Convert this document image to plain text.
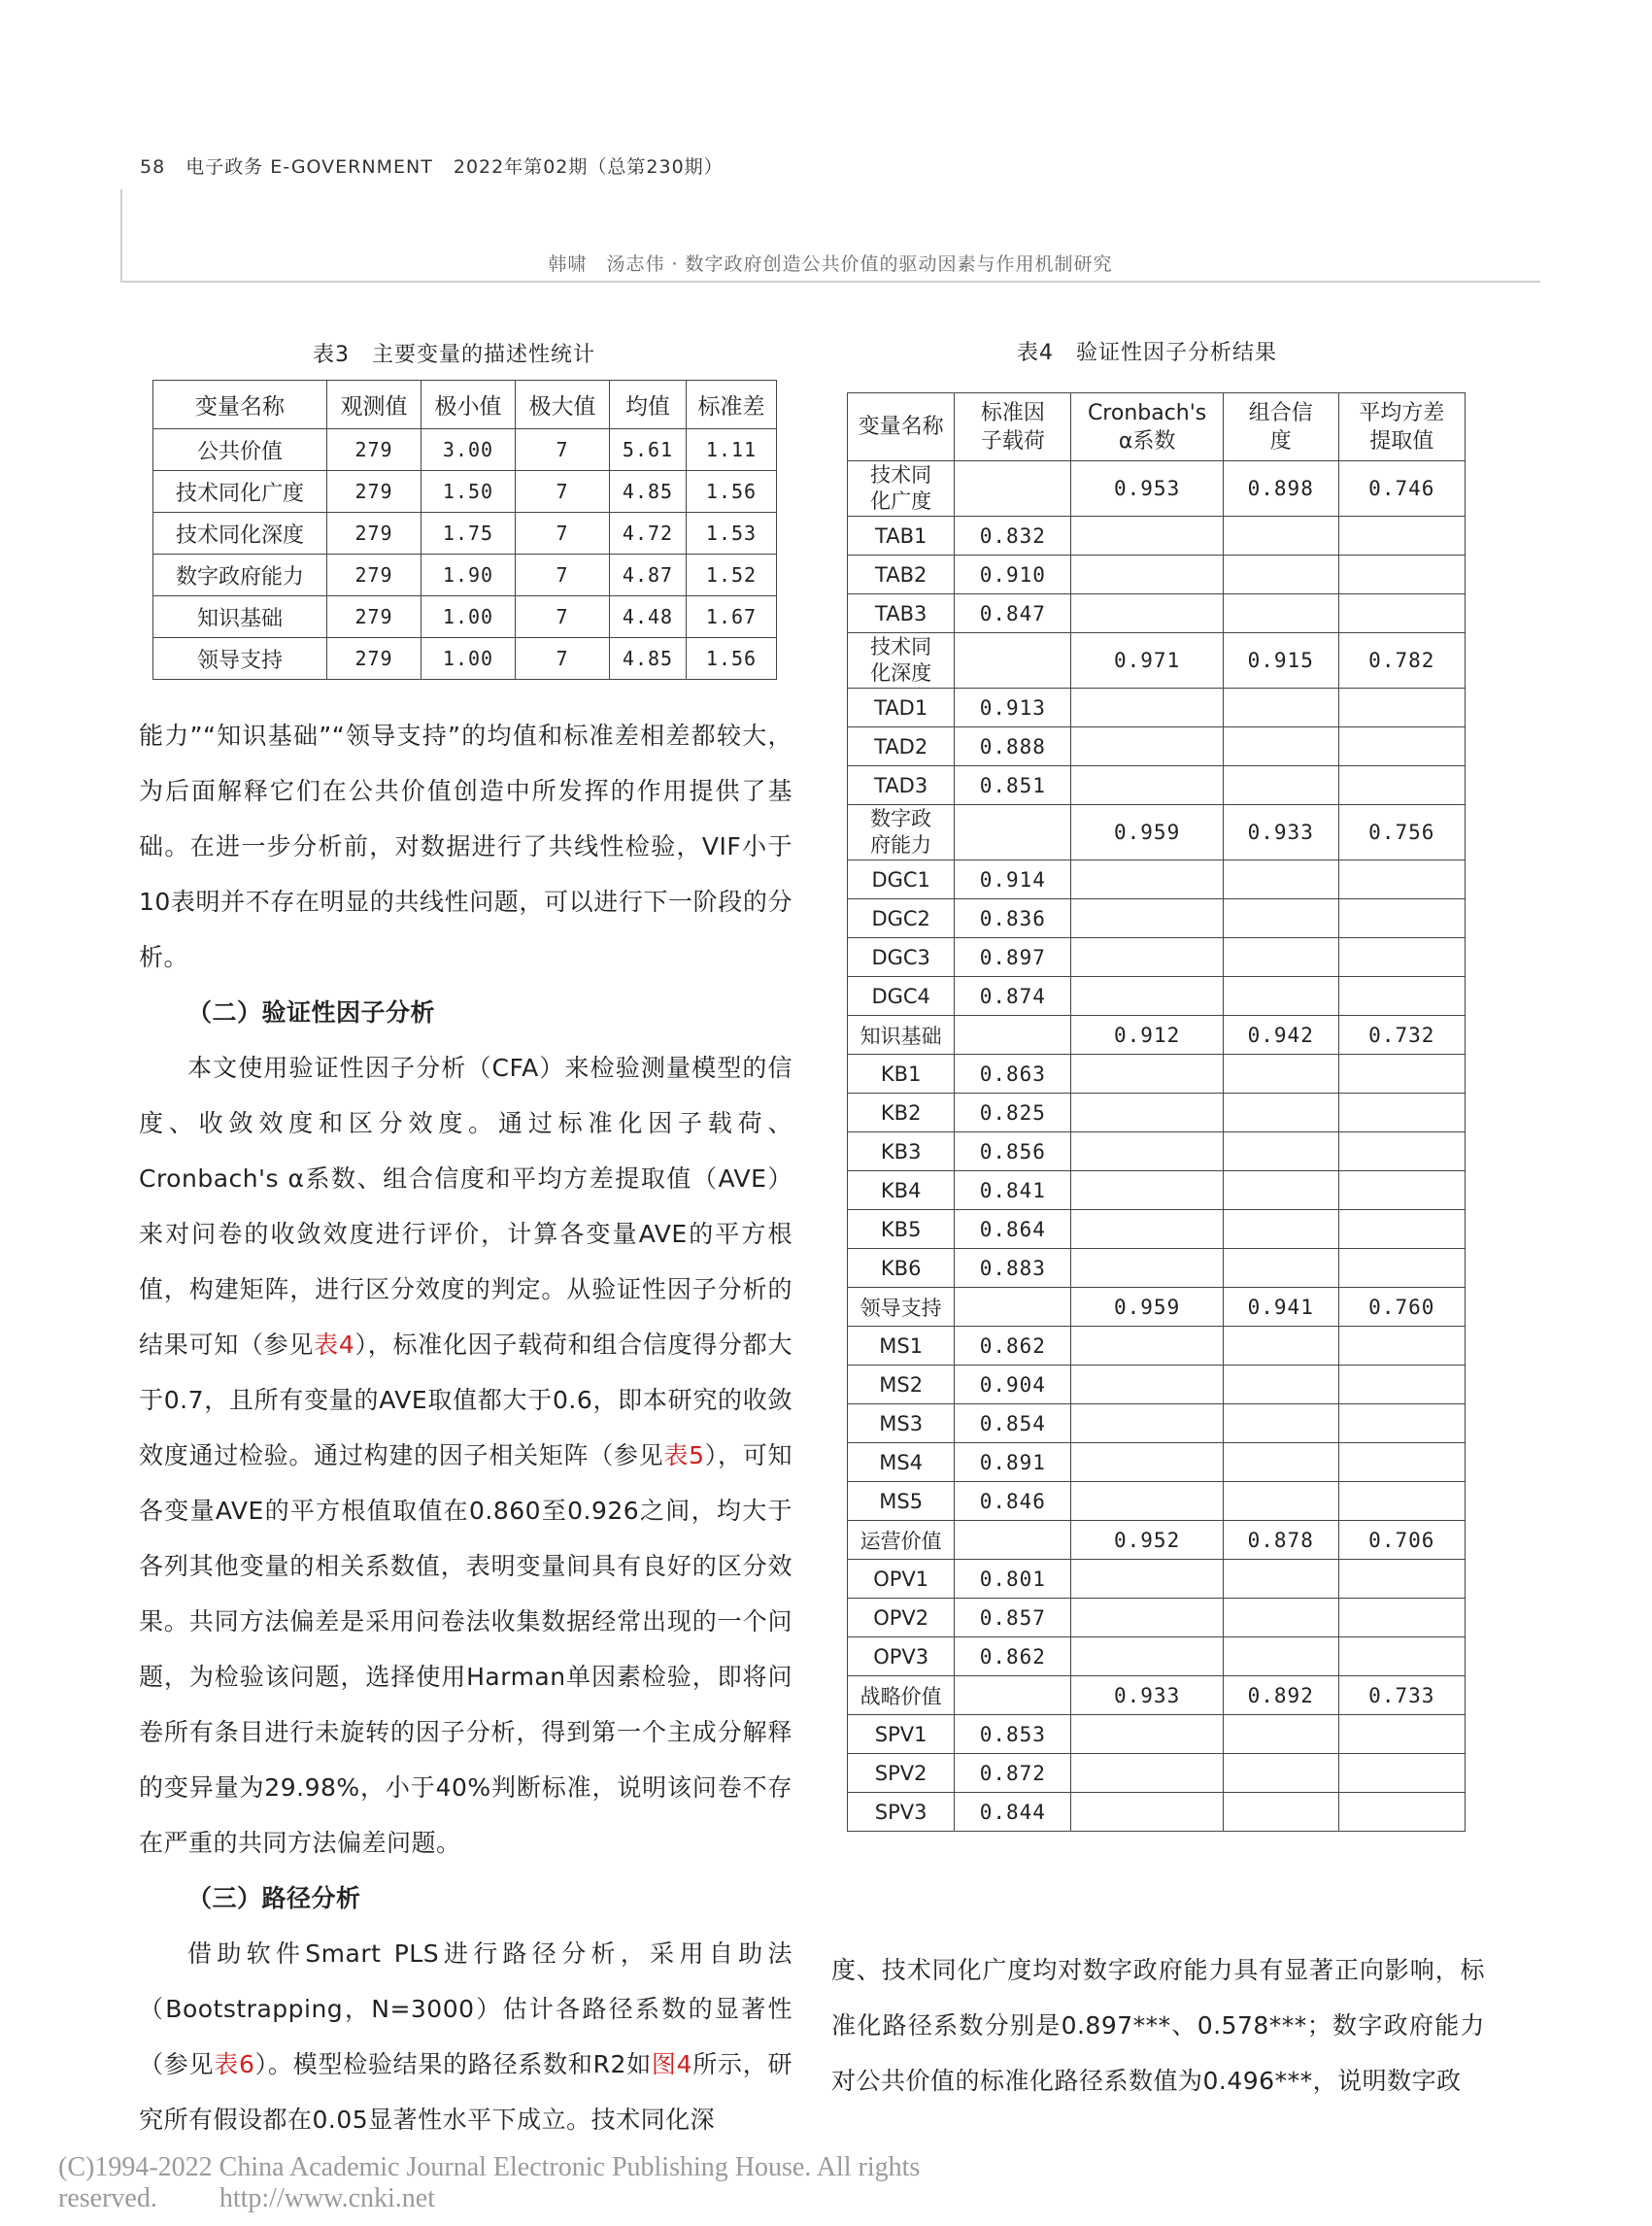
58 电子政务 E-GOVERNMENT 2022年第02期（总第230期）
韩啸　汤志伟 · 数字政府创造公共价值的驱动因素与作用机制研究
表3　主要变量的描述性统计
变量名称	观测值	极小值	极大值	均值	标准差
公共价值	279	3.00	7	5.61	1.11
技术同化广度	279	1.50	7	4.85	1.56
技术同化深度	279	1.75	7	4.72	1.53
数字政府能力	279	1.90	7	4.87	1.52
知识基础	279	1.00	7	4.48	1.67
领导支持	279	1.00	7	4.85	1.56
表4　验证性因子分析结果
变量名称	标准因子载荷	Cronbach's α系数	组合信度	平均方差提取值
技术同化广度		0.953	0.898	0.746
TAB1	0.832			
TAB2	0.910			
TAB3	0.847			
技术同化深度		0.971	0.915	0.782
TAD1	0.913			
TAD2	0.888			
TAD3	0.851			
数字政府能力		0.959	0.933	0.756
DGC1	0.914			
DGC2	0.836			
DGC3	0.897			
DGC4	0.874			
知识基础		0.912	0.942	0.732
KB1	0.863			
KB2	0.825			
KB3	0.856			
KB4	0.841			
KB5	0.864			
KB6	0.883			
领导支持		0.959	0.941	0.760
MS1	0.862			
MS2	0.904			
MS3	0.854			
MS4	0.891			
MS5	0.846			
运营价值		0.952	0.878	0.706
OPV1	0.801			
OPV2	0.857			
OPV3	0.862			
战略价值		0.933	0.892	0.733
SPV1	0.853			
SPV2	0.872			
SPV3	0.844			

能力”“知识基础”“领导支持”的均值和标准差相差都较大，为后面解释它们在公共价值创造中所发挥的作用提供了基础。在进一步分析前，对数据进行了共线性检验，VIF小于10表明并不存在明显的共线性问题，可以进行下一阶段的分析。

（二）验证性因子分析

本文使用验证性因子分析（CFA）来检验测量模型的信度、收敛效度和区分效度。通过标准化因子载荷、Cronbach's α系数、组合信度和平均方差提取值（AVE）来对问卷的收敛效度进行评价，计算各变量AVE的平方根值，构建矩阵，进行区分效度的判定。从验证性因子分析的结果可知（参见表4），标准化因子载荷和组合信度得分都大于0.7，且所有变量的AVE取值都大于0.6，即本研究的收敛效度通过检验。通过构建的因子相关矩阵（参见表5），可知各变量AVE的平方根值取值在0.860至0.926之间，均大于各列其他变量的相关系数值，表明变量间具有良好的区分效果。共同方法偏差是采用问卷法收集数据经常出现的一个问题，为检验该问题，选择使用Harman单因素检验，即将问卷所有条目进行未旋转的因子分析，得到第一个主成分解释的变异量为29.98%，小于40%判断标准，说明该问卷不存在严重的共同方法偏差问题。

（三）路径分析

借助软件Smart PLS进行路径分析，采用自助法（Bootstrapping，N=3000）估计各路径系数的显著性（参见表6）。模型检验结果的路径系数和R2如图4所示，研究所有假设都在0.05显著性水平下成立。技术同化深

度、技术同化广度均对数字政府能力具有显著正向影响，标准化路径系数分别是0.897***、0.578***；数字政府能力对公共价值的标准化路径系数值为0.496***，说明数字政

(C)1994-2022 China Academic Journal Electronic Publishing House. All rights reserved. http://www.cnki.net
